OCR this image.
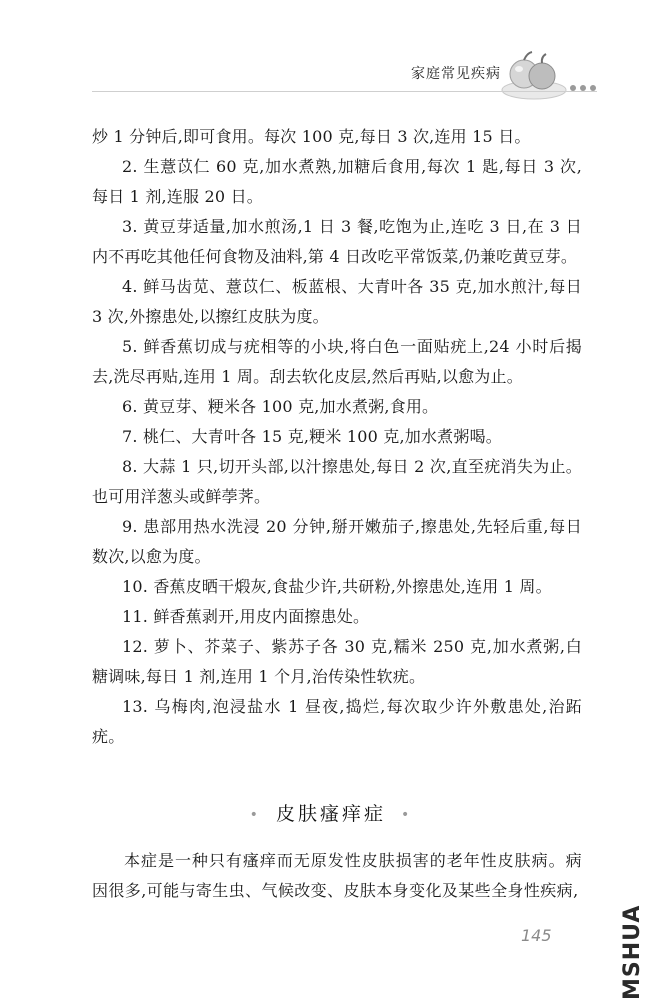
家庭常见疾病

炒 1 分钟后,即可食用。每次 100 克,每日 3 次,连用 15 日。

2. 生薏苡仁 60 克,加水煮熟,加糖后食用,每次 1 匙,每日 3 次,每日 1 剂,连服 20 日。

3. 黄豆芽适量,加水煎汤,1 日 3 餐,吃饱为止,连吃 3 日,在 3 日内不再吃其他任何食物及油料,第 4 日改吃平常饭菜,仍兼吃黄豆芽。

4. 鲜马齿苋、薏苡仁、板蓝根、大青叶各 35 克,加水煎汁,每日 3 次,外擦患处,以擦红皮肤为度。

5. 鲜香蕉切成与疣相等的小块,将白色一面贴疣上,24 小时后揭去,洗尽再贴,连用 1 周。刮去软化皮层,然后再贴,以愈为止。

6. 黄豆芽、粳米各 100 克,加水煮粥,食用。

7. 桃仁、大青叶各 15 克,粳米 100 克,加水煮粥喝。

8. 大蒜 1 只,切开头部,以汁擦患处,每日 2 次,直至疣消失为止。也可用洋葱头或鲜荸荠。

9. 患部用热水洗浸 20 分钟,掰开嫩茄子,擦患处,先轻后重,每日数次,以愈为度。

10. 香蕉皮晒干煅灰,食盐少许,共研粉,外擦患处,连用 1 周。

11. 鲜香蕉剥开,用皮内面擦患处。

12. 萝卜、芥菜子、紫苏子各 30 克,糯米 250 克,加水煮粥,白糖调味,每日 1 剂,连用 1 个月,治传染性软疣。

13. 乌梅肉,泡浸盐水 1 昼夜,捣烂,每次取少许外敷患处,治跖疣。

• 皮肤瘙痒症 •
本症是一种只有瘙痒而无原发性皮肤损害的老年性皮肤病。病因很多,可能与寄生虫、气候改变、皮肤本身变化及某些全身性疾病,
145	MSHUA
